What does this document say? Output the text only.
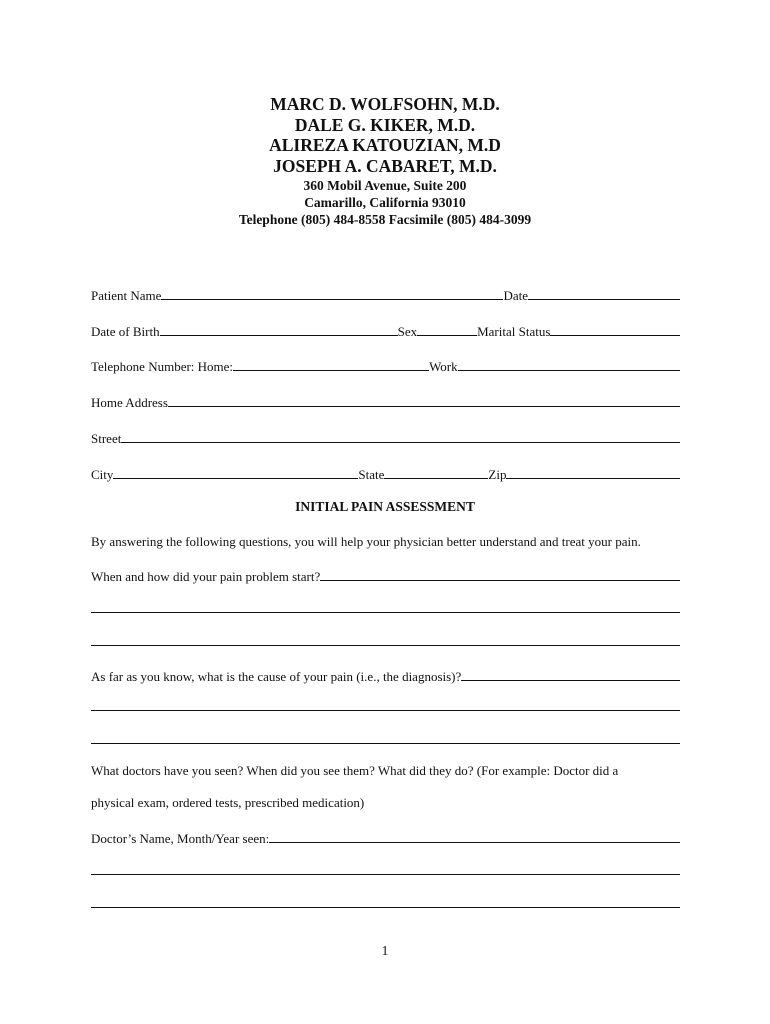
MARC D. WOLFSOHN, M.D.
DALE G. KIKER, M.D.
ALIREZA KATOUZIAN, M.D
JOSEPH A. CABARET, M.D.
360 Mobil Avenue, Suite 200
Camarillo, California 93010
Telephone (805) 484-8558 Facsimile (805) 484-3099
Patient Name	Date
Date of Birth	Sex	Marital Status
Telephone Number: Home:	Work
Home Address
Street
City	State	Zip
INITIAL PAIN ASSESSMENT
By answering the following questions, you will help your physician better understand and treat your pain.
When and how did your pain problem start?
As far as you know, what is the cause of your pain (i.e., the diagnosis)?
What doctors have you seen? When did you see them? What did they do? (For example: Doctor did a
physical exam, ordered tests, prescribed medication)
Doctor’s Name, Month/Year seen:
1
